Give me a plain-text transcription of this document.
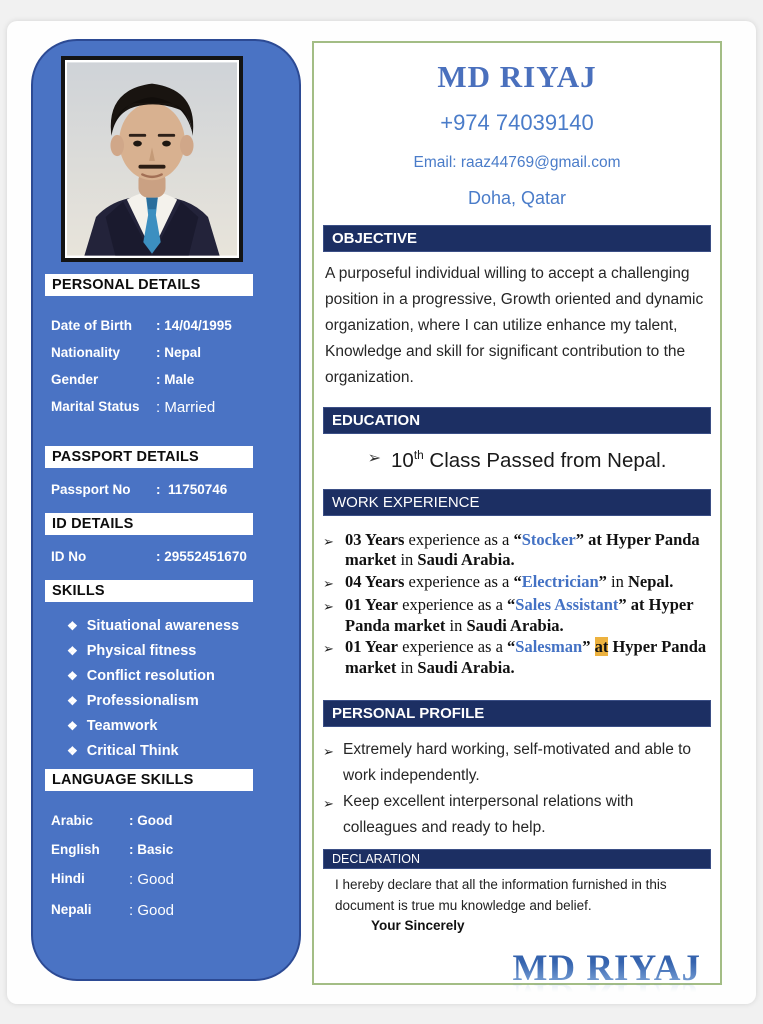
PERSONAL DETAILS
Date of Birth	: 14/04/1995
Nationality	: Nepal
Gender	: Male
Marital Status	: Married
PASSPORT DETAILS
Passport No	:  11750746
ID DETAILS
ID No	: 29552451670
SKILLS
❖ Situational awareness
❖ Physical fitness
❖ Conflict resolution
❖ Professionalism
❖ Teamwork
❖ Critical Think
LANGUAGE SKILLS
Arabic	: Good
English	: Basic
Hindi	: Good
Nepali	: Good
MD RIYAJ
+974 74039140
Email: raaz44769@gmail.com
Doha, Qatar
OBJECTIVE

A purposeful individual willing to accept a challenging position in a progressive, Growth oriented and dynamic organization, where I can utilize enhance my talent, Knowledge and skill for significant contribution to the organization.

EDUCATION
➢ 10th Class Passed from Nepal.
WORK EXPERIENCE
➢ 03 Years experience as a “Stocker” at Hyper Panda market in Saudi Arabia.
➢ 04 Years experience as a “Electrician” in Nepal.
➢ 01 Year experience as a “Sales Assistant” at Hyper Panda market in Saudi Arabia.
➢ 01 Year experience as a “Salesman” at Hyper Panda market in Saudi Arabia.
PERSONAL PROFILE
➢ Extremely hard working, self-motivated and able to work independently.
➢ Keep excellent interpersonal relations with colleagues and ready to help.
DECLARATION

I hereby declare that all the information furnished in this document is true mu knowledge and belief.

Your Sincerely

MD RIYAJ
